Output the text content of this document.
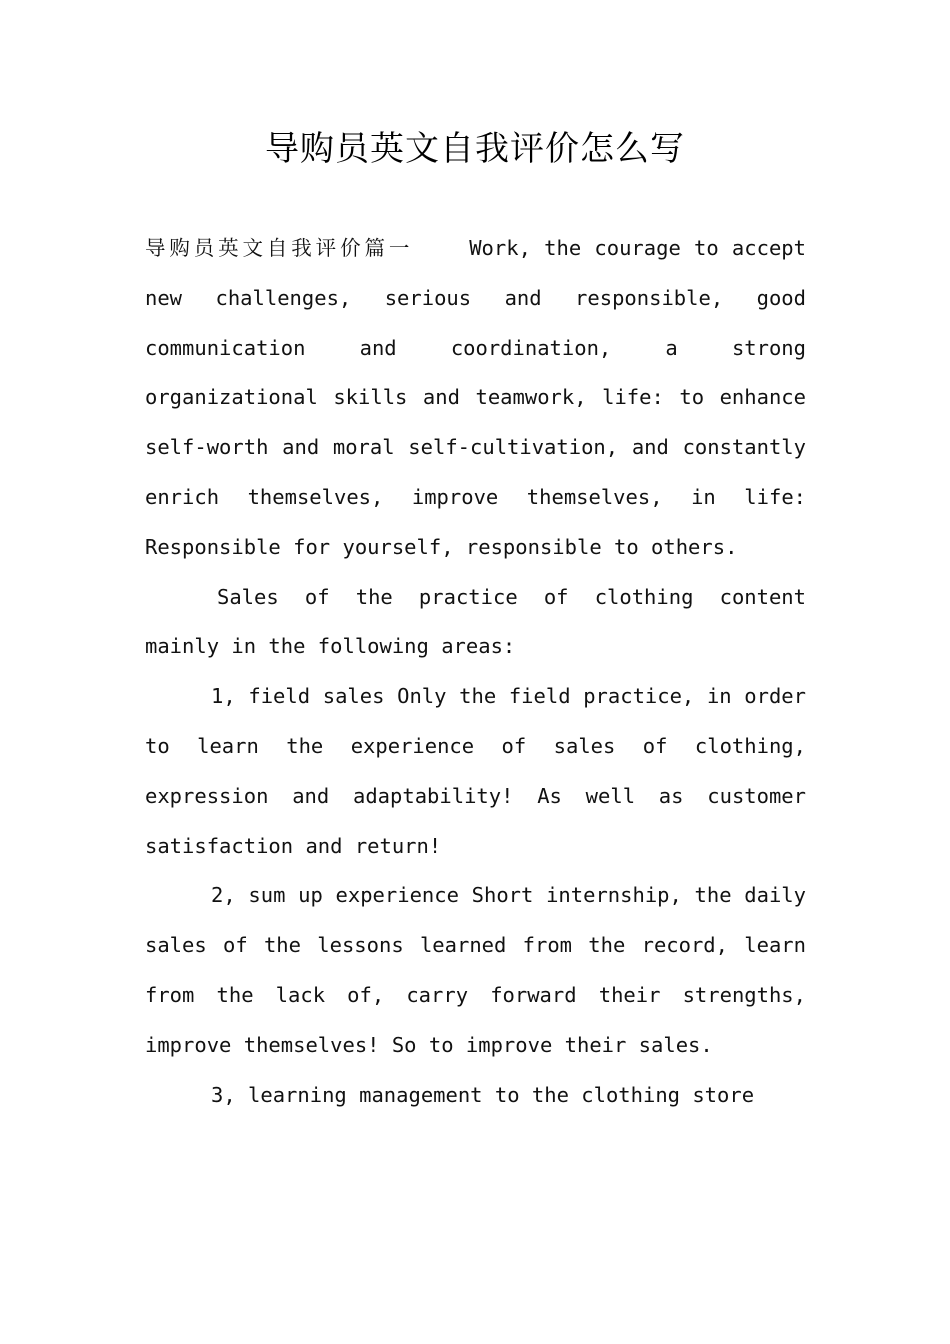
导购员英文自我评价怎么写

导购员英文自我评价篇一	Work, the courage to accept new challenges, serious and responsible, good communication and coordination, a strong organizational skills and teamwork, life: to enhance self-worth and moral self-cultivation, and constantly enrich themselves, improve themselves, in life: Responsible for yourself, responsible to others.

Sales of the practice of clothing content mainly in the following areas:

1, field sales Only the field practice, in order to learn the experience of sales of clothing, expression and adaptability! As well as customer satisfaction and return!

2, sum up experience Short internship, the daily sales of the lessons learned from the record, learn from the lack of, carry forward their strengths, improve themselves! So to improve their sales.

3, learning management to the clothing store
